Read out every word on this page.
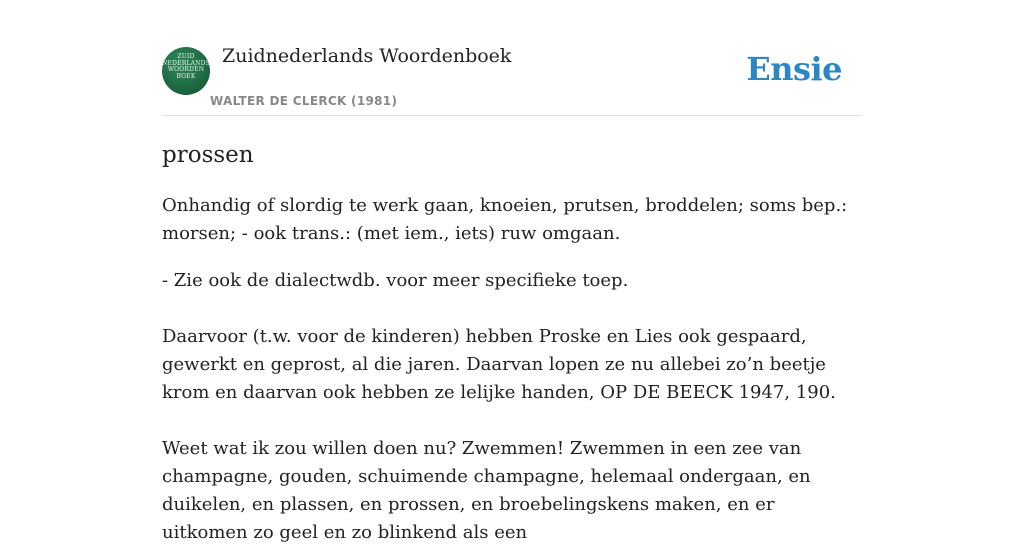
ZUID NEDERLANDS WOORDEN BOEK
Zuidnederlands Woordenboek
WALTER DE CLERCK (1981)
Ensie
prossen

Onhandig of slordig te werk gaan, knoeien, prutsen, broddelen; soms bep.: morsen; - ook trans.: (met iem., iets) ruw omgaan.

- Zie ook de dialectwdb. voor meer specifieke toep.

Daarvoor (t.w. voor de kinderen) hebben Proske en Lies ook gespaard, gewerkt en geprost, al die jaren. Daarvan lopen ze nu allebei zo’n beetje krom en daarvan ook hebben ze lelijke handen, OP DE BEECK 1947, 190.

Weet wat ik zou willen doen nu? Zwemmen! Zwemmen in een zee van champagne, gouden, schuimende champagne, helemaal ondergaan, en duikelen, en plassen, en prossen, en broebelingskens maken, en er uitkomen zo geel en zo blinkend als een
